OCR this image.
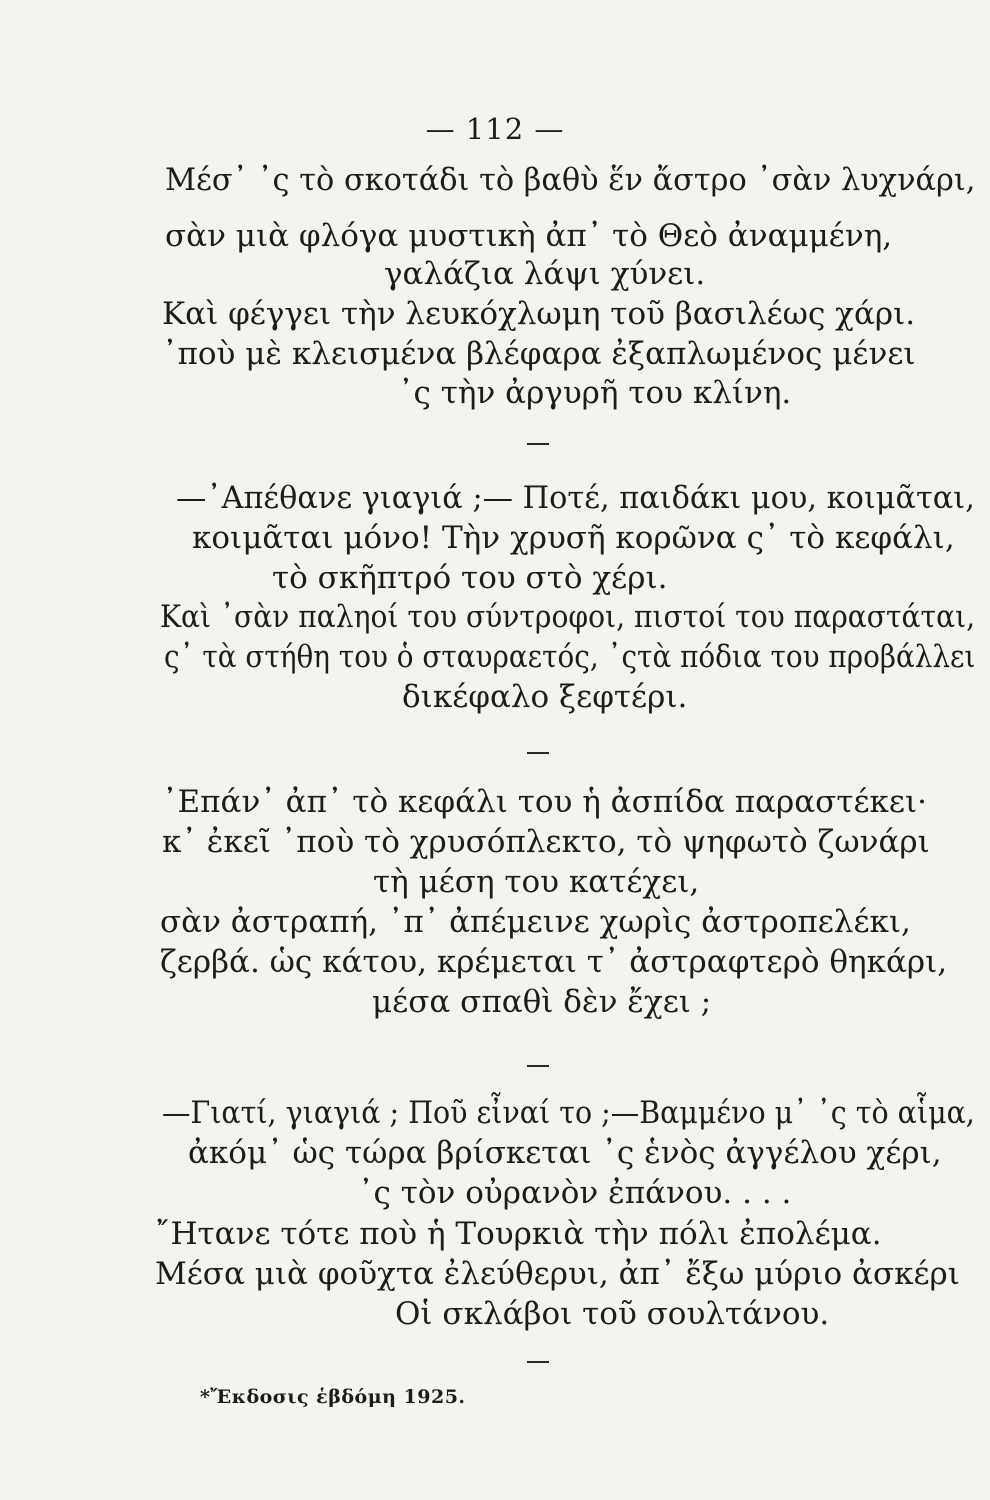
— 112 —
Μέσ᾽ ᾽ς τὸ σκοτάδι τὸ βαθὺ ἕν ἄστρο ᾽σὰν λυχνάρι,
σὰν μιὰ φλόγα μυστικὴ ἀπ᾽ τὸ Θεὸ ἀναμμένη,
γαλάζια λάψι χύνει.
Καὶ φέγγει τὴν λευκόχλωμη τοῦ βασιλέως χάρι.
᾽ποὺ μὲ κλεισμένα βλέφαρα ἐξαπλωμένος μένει
᾽ς τὴν ἀργυρῆ του κλίνη.
—᾽Απέθανε γιαγιά ;— Ποτέ, παιδάκι μου, κοιμᾶται,
κοιμᾶται μόνο! Τὴν χρυσῆ κορῶνα ς᾽ τὸ κεφάλι,
τὸ σκῆπτρό του στὸ χέρι.
Καὶ ᾽σὰν παληοί του σύντροφοι, πιστοί του παραστάται,
ς᾽ τὰ στήθη του ὁ σταυραετός, ᾽ςτὰ πόδια του προβάλλει
δικέφαλο ξεφτέρι.
᾽Επάν᾽ ἀπ᾽ τὸ κεφάλι του ἡ ἀσπίδα παραστέκει·
κ᾽ ἐκεῖ ᾽ποὺ τὸ χρυσόπλεκτο, τὸ ψηφωτὸ ζωνάρι
τὴ μέση του κατέχει,
σὰν ἀστραπή, ᾽π᾽ ἀπέμεινε χωρὶς ἀστροπελέκι,
ζερβά. ὡς κάτου, κρέμεται τ᾽ ἀστραφτερὸ θηκάρι,
μέσα σπαθὶ δὲν ἔχει ;
—Γιατί, γιαγιά ; Ποῦ εἶναί το ;—Βαμμένο μ᾽ ᾽ς τὸ αἷμα,
ἀκόμ᾽ ὡς τώρα βρίσκεται ᾽ς ἑνὸς ἀγγέλου χέρι,
᾽ς τὸν οὐρανὸν ἐπάνου. . . .
῎Ητανε τότε ποὺ ἡ Τουρκιὰ τὴν πόλι ἐπολέμα.
Μέσα μιὰ φοῦχτα ἐλεύθερυι, ἀπ᾽ ἔξω μύριο ἀσκέρι
Οἱ σκλάβοι τοῦ σουλτάνου.
*Ἔκδοσις ἑβδόμη 1925.
